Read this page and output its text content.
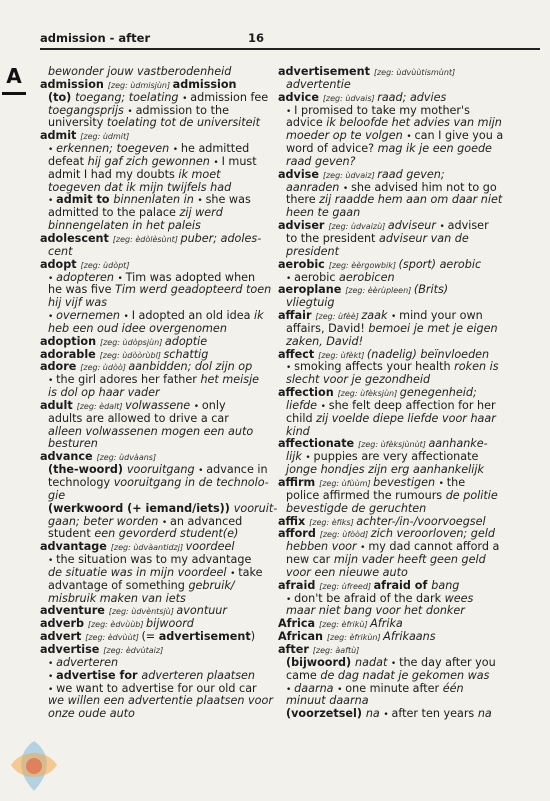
admission - after	16
A	bewonder jouw vastberodenheid
admission [zeg: ùdmisjùn] admission
(to) toegang; toelating • admission fee
toegangsprijs • admission to the
university toelating tot de universiteit
admit [zeg: ùdmit]
• erkennen; toegeven • he admitted
defeat hij gaf zich gewonnen • I must
admit I had my doubts ik moet
toegeven dat ik mijn twijfels had
• admit to binnenlaten in • she was
admitted to the palace zij werd
binnengelaten in het paleis
adolescent [zeg: èdòlèsùnt] puber; adoles-
cent
adopt [zeg: ùdòpt]
• adopteren • Tim was adopted when
he was five Tim werd geadopteerd toen
hij vijf was
• overnemen • I adopted an old idea ik
heb een oud idee overgenomen
adoption [zeg: ùdòpsjùn] adoptie
adorable [zeg: ùdòòrùbl] schattig
adore [zeg: ùdòò] aanbidden; dol zijn op
• the girl adores her father het meisje
is dol op haar vader
adult [zeg: èdalt] volwassene • only
adults are allowed to drive a car
alleen volwassenen mogen een auto
besturen
advance [zeg: ùdvàans]
(the-woord) vooruitgang • advance in
technology vooruitgang in de technolo-
gie
(werkwoord (+ iemand/iets)) vooruit-
gaan; beter worden • an advanced
student een gevorderd student(e)
advantage [zeg: ùdvàantidzj] voordeel
• the situation was to my advantage
de situatie was in mijn voordeel • take
advantage of something gebruik/
misbruik maken van iets
adventure [zeg: ùdvèntsjù] avontuur
adverb [zeg: èdvùùb] bijwoord
advert [zeg: èdvùùt] (= advertisement)
advertise [zeg: èdvùtaiz]
• adverteren
• advertise for adverteren plaatsen
• we want to advertise for our old car
we willen een advertentie plaatsen voor
onze oude auto
advertisement [zeg: ùdvùùtismùnt]
advertentie
advice [zeg: ùdvais] raad; advies
• I promised to take my mother's
advice ik beloofde het advies van mijn
moeder op te volgen • can I give you a
word of advice? mag ik je een goede
raad geven?
advise [zeg: ùdvaiz] raad geven;
aanraden • she advised him not to go
there zij raadde hem aan om daar niet
heen te gaan
adviser [zeg: ùdvaizù] adviseur • adviser
to the president adviseur van de
president
aerobic [zeg: èèrgowbik] (sport) aerobic
• aerobic aerobicen
aeroplane [zeg: èèrùpleen] (Brits)
vliegtuig
affair [zeg: ùfèè] zaak • mind your own
affairs, David! bemoei je met je eigen
zaken, David!
affect [zeg: ùfèkt] (nadelig) beïnvloeden
• smoking affects your health roken is
slecht voor je gezondheid
affection [zeg: ùfèksjùn] genegenheid;
liefde • she felt deep affection for her
child zij voelde diepe liefde voor haar
kind
affectionate [zeg: ùfèksjùnùt] aanhanke-
lijk • puppies are very affectionate
jonge hondjes zijn erg aanhankelijk
affirm [zeg: ùfùùm] bevestigen • the
police affirmed the rumours de politie
bevestigde de geruchten
affix [zeg: èfiks] achter-/in-/voorvoegsel
afford [zeg: ùfòòd] zich veroorloven; geld
hebben voor • my dad cannot afford a
new car mijn vader heeft geen geld
voor een nieuwe auto
afraid [zeg: ùfreed] afraid of bang
• don't be afraid of the dark wees
maar niet bang voor het donker
Africa [zeg: èfrikù] Afrika
African [zeg: èfrikùn] Afrikaans
after [zeg: àaftù]
(bijwoord) nadat • the day after you
came de dag nadat je gekomen was
• daarna • one minute after één
minuut daarna
(voorzetsel) na • after ten years na
